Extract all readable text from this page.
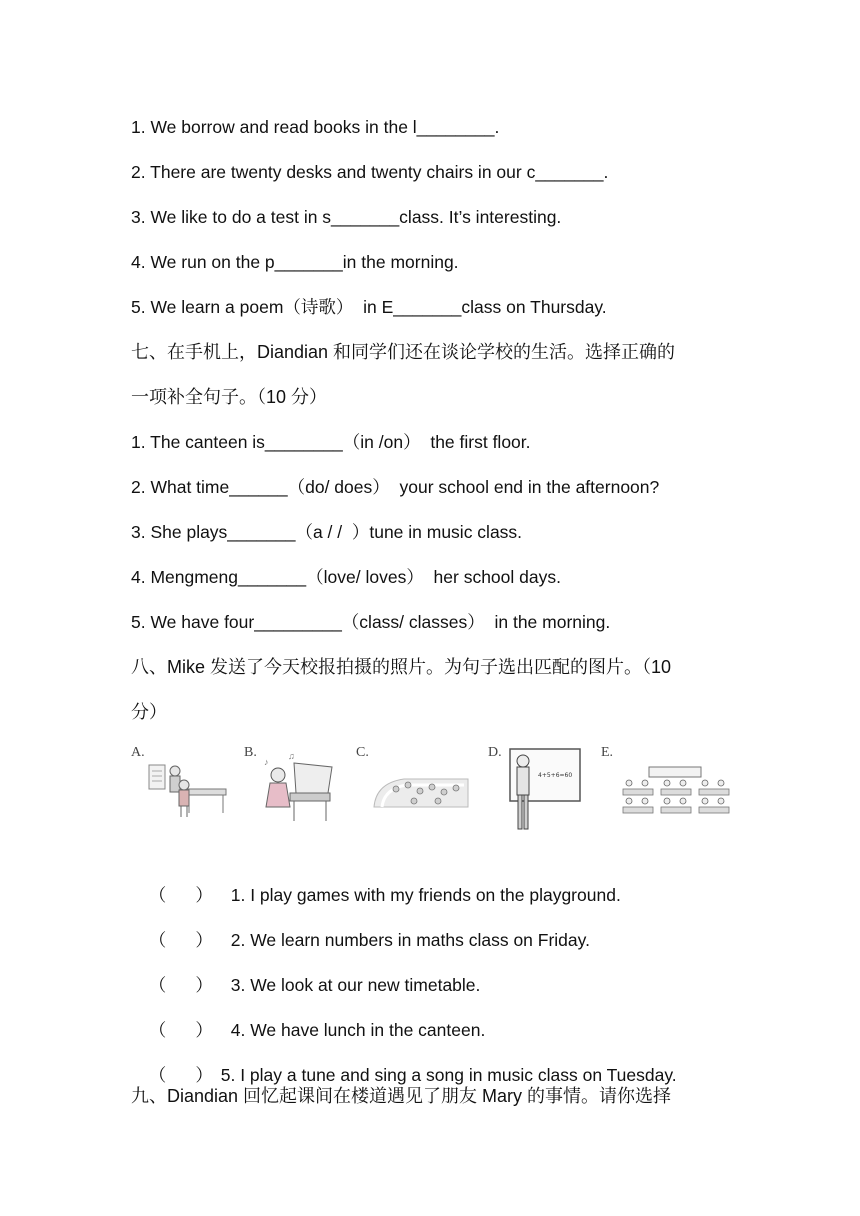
1. We borrow and read books in the l________.
2. There are twenty desks and twenty chairs in our c_______.
3. We like to do a test in s_______class. It’s interesting.
4. We run on the p_______in the morning.
5. We learn a poem（诗歌）  in E_______class on Thursday.
七、在手机上，Diandian 和同学们还在谈论学校的生活。选择正确的
一项补全句子。（10 分）
1. The canteen is________（in /on）  the first floor.
2. What time______（do/ does）  your school end in the afternoon?
3. She plays_______（a / /  ）tune in music class.
4. Mengmeng_______（love/ loves）  her school days.
5. We have four_________（class/ classes）  in the morning.
八、Mike 发送了今天校报拍摄的照片。为句子选出匹配的图片。（10
分）
A.	B.
♪
♫	C.	D.
4+5+6=60
E.

（      ） 1. I play games with my friends on the playground.

（      ） 2. We learn numbers in maths class on Friday.

（      ） 3. We look at our new timetable.

（      ） 4. We have lunch in the canteen.

（      ） 5. I play a tune and sing a song in music class on Tuesday.

九、Diandian 回忆起课间在楼道遇见了朋友 Mary 的事情。请你选择
